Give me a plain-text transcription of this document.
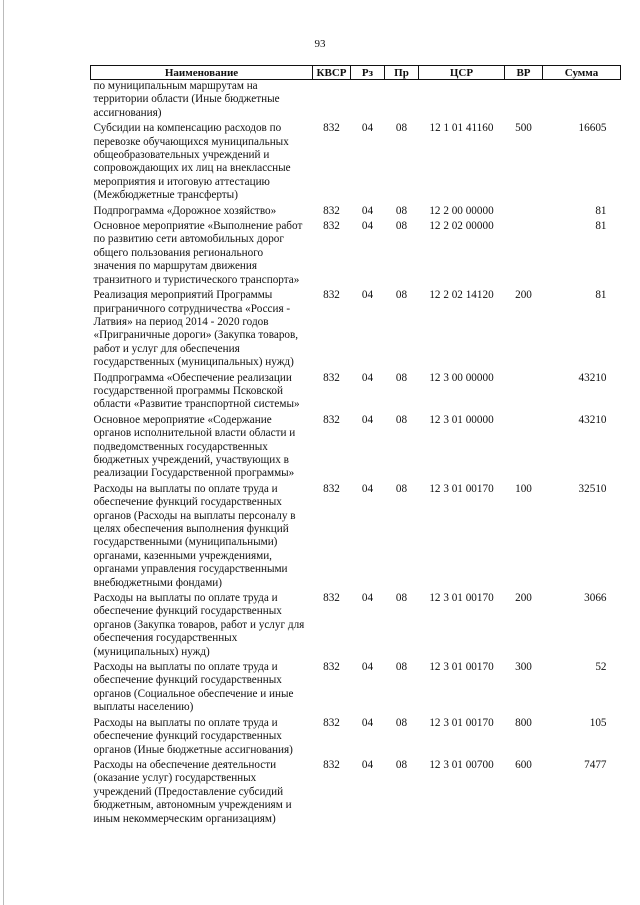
93
Наименование	КВСР	Рз	Пр	ЦСР	ВР	Сумма
по муниципальным маршрутам на территории области (Иные бюджетные ассигнования)						
Субсидии на компенсацию расходов по перевозке обучающихся муниципальных общеобразовательных учреждений и сопровождающих их лиц на внеклассные мероприятия и итоговую аттестацию (Межбюджетные трансферты)	832	04	08	12 1 01 41160	500	16605
Подпрограмма «Дорожное хозяйство»	832	04	08	12 2 00 00000		81
Основное мероприятие «Выполнение работ по развитию сети автомобильных дорог общего пользования регионального значения по маршрутам движения транзитного и туристического транспорта»	832	04	08	12 2 02 00000		81
Реализация мероприятий Программы приграничного сотрудничества «Россия - Латвия» на период 2014 - 2020 годов «Приграничные дороги» (Закупка товаров, работ и услуг для обеспечения государственных (муниципальных) нужд)	832	04	08	12 2 02 14120	200	81
Подпрограмма «Обеспечение реализации государственной программы Псковской области «Развитие транспортной системы»	832	04	08	12 3 00 00000		43210
Основное мероприятие «Содержание органов исполнительной власти области и подведомственных государственных бюджетных учреждений, участвующих в реализации Государственной программы»	832	04	08	12 3 01 00000		43210
Расходы на выплаты по оплате труда и обеспечение функций государственных органов (Расходы на выплаты персоналу в целях обеспечения выполнения функций государственными (муниципальными) органами, казенными учреждениями, органами управления государственными внебюджетными фондами)	832	04	08	12 3 01 00170	100	32510
Расходы на выплаты по оплате труда и обеспечение функций государственных органов (Закупка товаров, работ и услуг для обеспечения государственных (муниципальных) нужд)	832	04	08	12 3 01 00170	200	3066
Расходы на выплаты по оплате труда и обеспечение функций государственных органов (Социальное обеспечение и иные выплаты населению)	832	04	08	12 3 01 00170	300	52
Расходы на выплаты по оплате труда и обеспечение функций государственных органов (Иные бюджетные ассигнования)	832	04	08	12 3 01 00170	800	105
Расходы на обеспечение деятельности (оказание услуг) государственных учреждений (Предоставление субсидий бюджетным, автономным учреждениям и иным некоммерческим организациям)	832	04	08	12 3 01 00700	600	7477
